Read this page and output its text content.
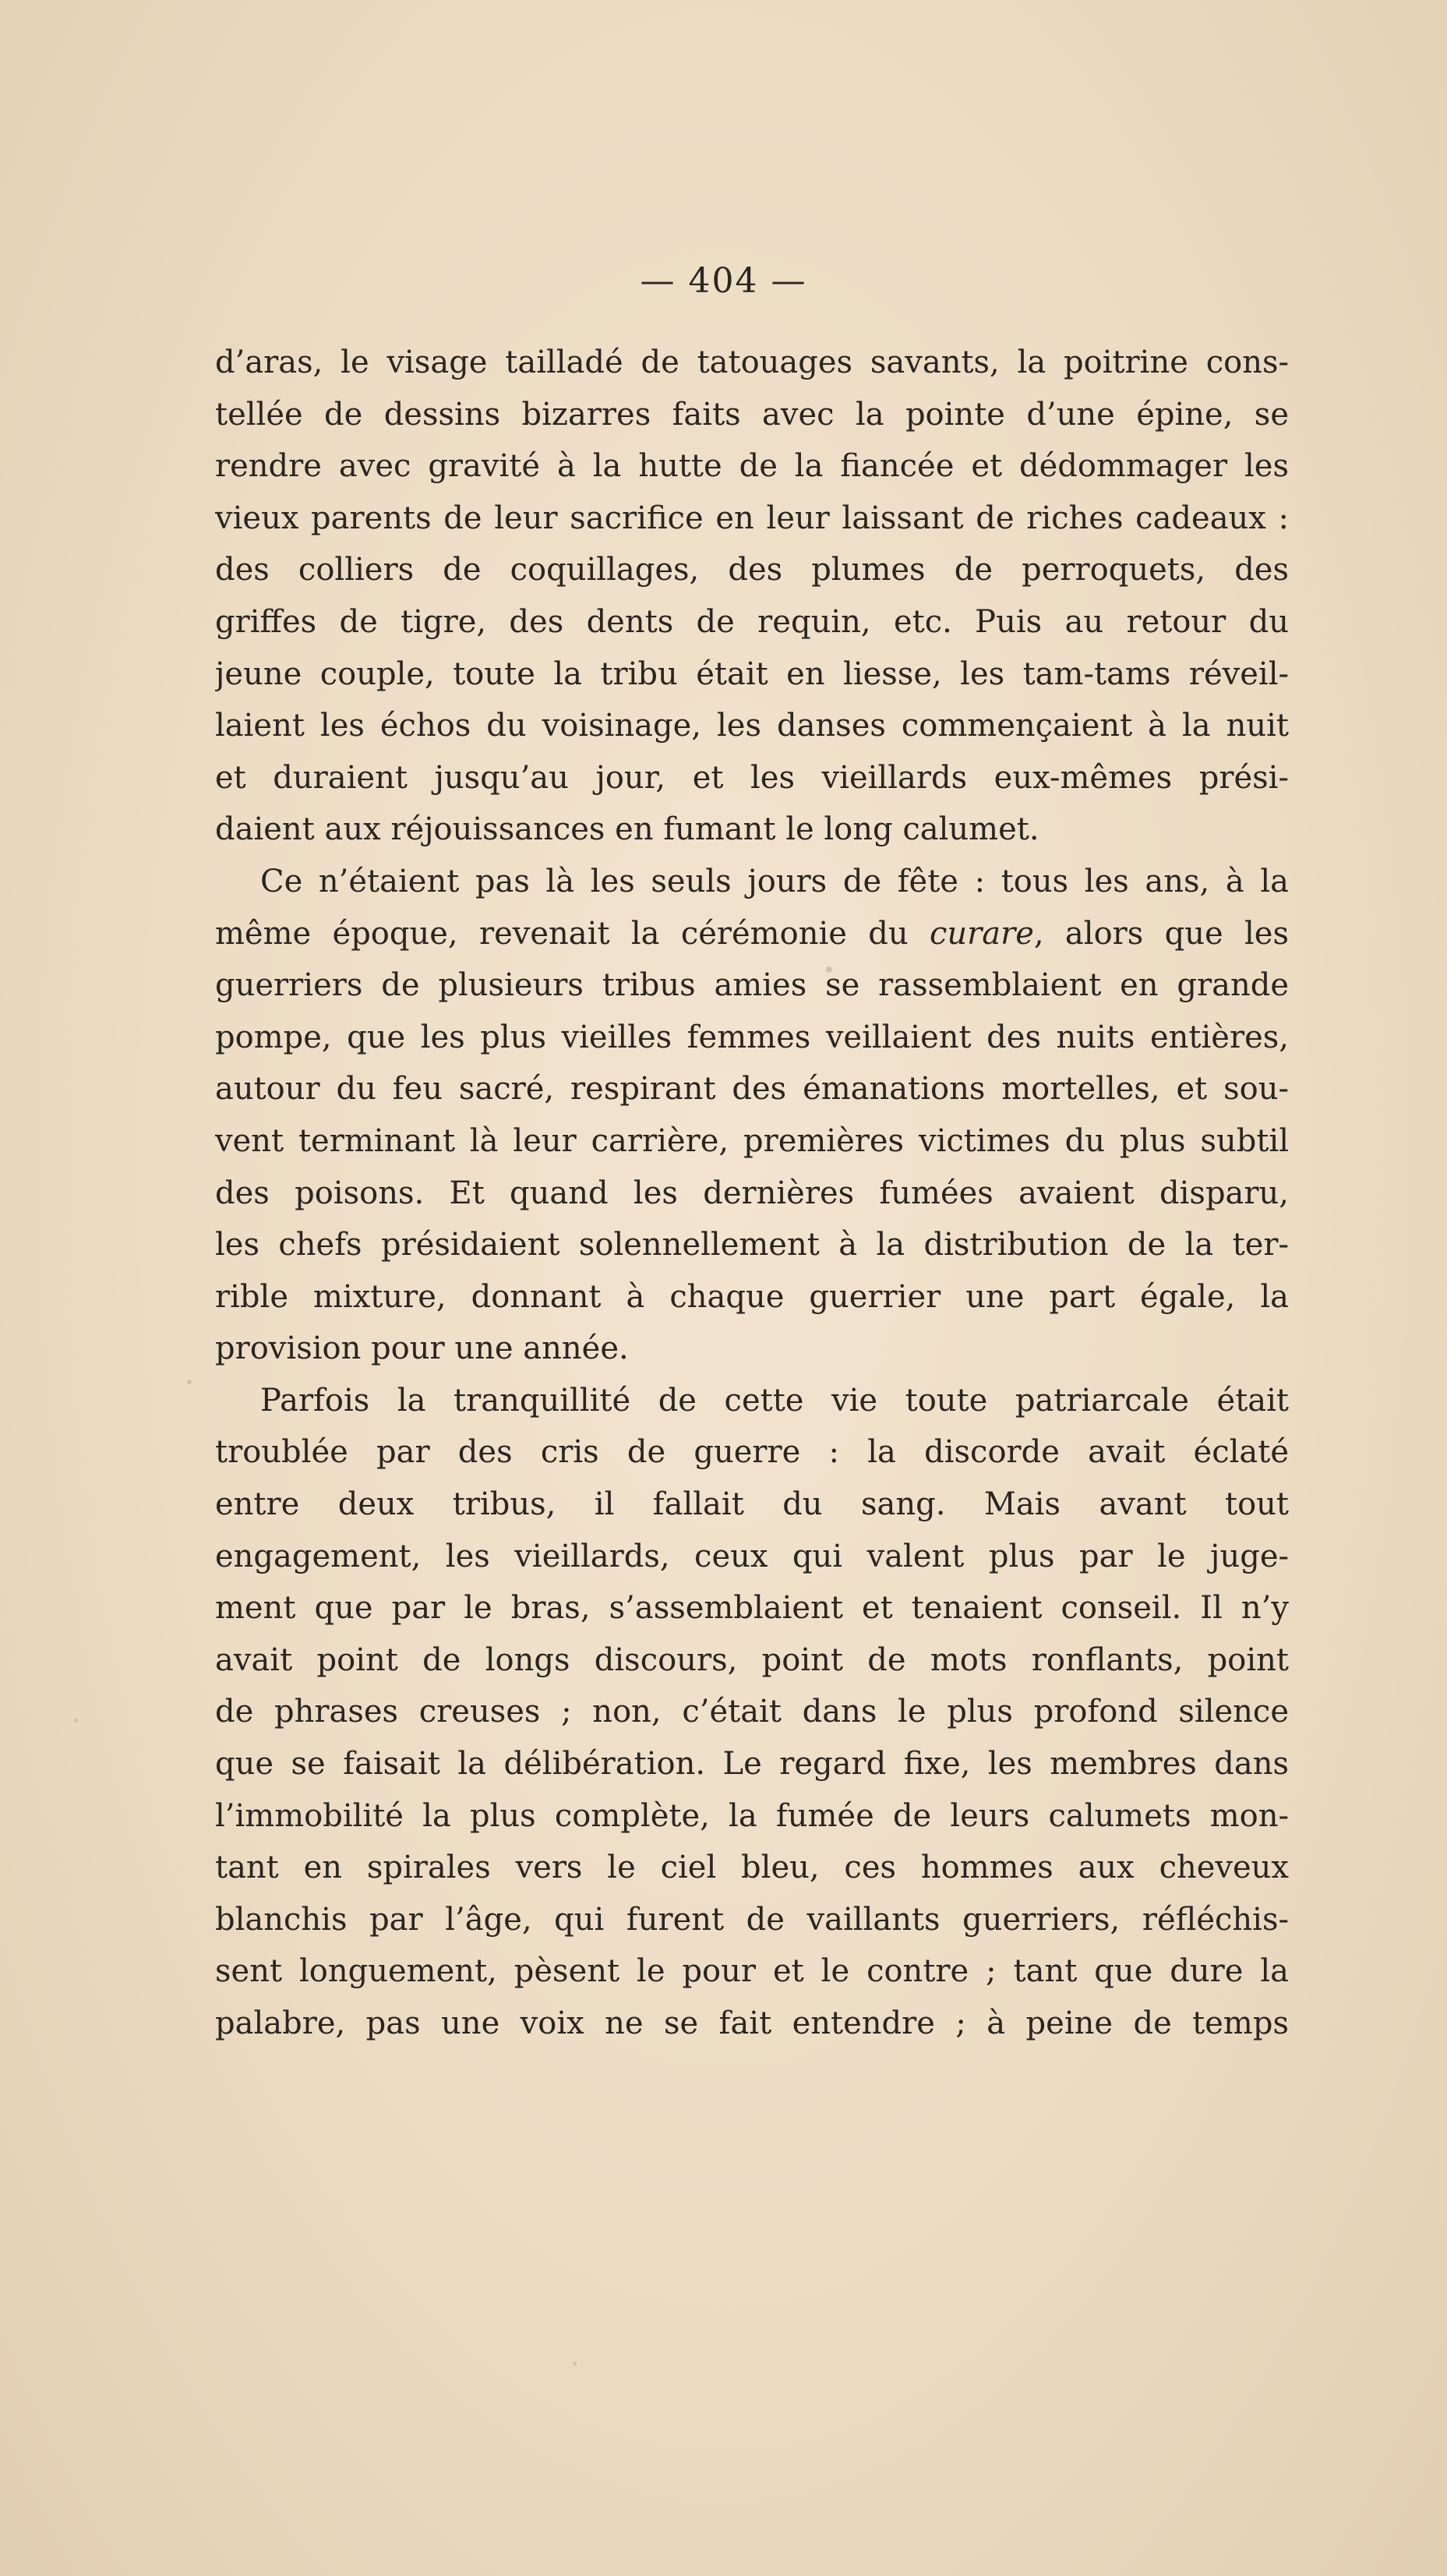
— 404 —
d’aras, le visage tailladé de tatouages savants, la poitrine cons‑
tellée de dessins bizarres faits avec la pointe d’une épine, se
rendre avec gravité à la hutte de la fiancée et dédommager les
vieux parents de leur sacrifice en leur laissant de riches cadeaux :
des colliers de coquillages, des plumes de perroquets, des
griffes de tigre, des dents de requin, etc. Puis au retour du
jeune couple, toute la tribu était en liesse, les tam-tams réveil-
laient les échos du voisinage, les danses commençaient à la nuit
et duraient jusqu’au jour, et les vieillards eux-mêmes prési-
daient aux réjouissances en fumant le long calumet.
Ce n’étaient pas là les seuls jours de fête : tous les ans, à la
même époque, revenait la cérémonie du curare, alors que les
guerriers de plusieurs tribus amies se rassemblaient en grande
pompe, que les plus vieilles femmes veillaient des nuits entières,
autour du feu sacré, respirant des émanations mortelles, et sou-
vent terminant là leur carrière, premières victimes du plus subtil
des poisons. Et quand les dernières fumées avaient disparu,
les chefs présidaient solennellement à la distribution de la ter-
rible mixture, donnant à chaque guerrier une part égale, la
provision pour une année.
Parfois la tranquillité de cette vie toute patriarcale était
troublée par des cris de guerre : la discorde avait éclaté
entre deux tribus, il fallait du sang. Mais avant tout
engagement, les vieillards, ceux qui valent plus par le juge-
ment que par le bras, s’assemblaient et tenaient conseil. Il n’y
avait point de longs discours, point de mots ronflants, point
de phrases creuses ; non, c’était dans le plus profond silence
que se faisait la délibération. Le regard fixe, les membres dans
l’immobilité la plus complète, la fumée de leurs calumets mon-
tant en spirales vers le ciel bleu, ces hommes aux cheveux
blanchis par l’âge, qui furent de vaillants guerriers, réfléchis-
sent longuement, pèsent le pour et le contre ; tant que dure la
palabre, pas une voix ne se fait entendre ; à peine de temps
